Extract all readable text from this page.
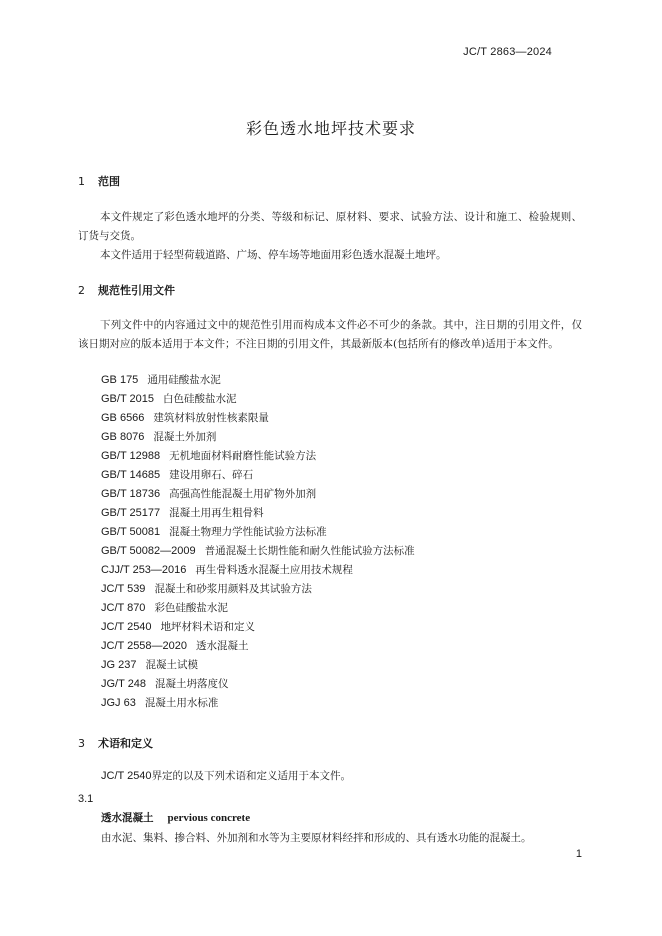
JC/T 2863—2024
彩色透水地坪技术要求
1 范围
本文件规定了彩色透水地坪的分类、等级和标记、原材料、要求、试验方法、设计和施工、检验规则、订货与交货。
本文件适用于轻型荷载道路、广场、停车场等地面用彩色透水混凝土地坪。
2 规范性引用文件
下列文件中的内容通过文中的规范性引用而构成本文件必不可少的条款。其中，注日期的引用文件，仅该日期对应的版本适用于本文件；不注日期的引用文件，其最新版本(包括所有的修改单)适用于本文件。
GB 175 通用硅酸盐水泥
GB/T 2015 白色硅酸盐水泥
GB 6566 建筑材料放射性核素限量
GB 8076 混凝土外加剂
GB/T 12988 无机地面材料耐磨性能试验方法
GB/T 14685 建设用卵石、碎石
GB/T 18736 高强高性能混凝土用矿物外加剂
GB/T 25177 混凝土用再生粗骨料
GB/T 50081 混凝土物理力学性能试验方法标准
GB/T 50082—2009 普通混凝土长期性能和耐久性能试验方法标准
CJJ/T 253—2016 再生骨料透水混凝土应用技术规程
JC/T 539 混凝土和砂浆用颜料及其试验方法
JC/T 870 彩色硅酸盐水泥
JC/T 2540 地坪材料术语和定义
JC/T 2558—2020 透水混凝土
JG 237 混凝土试模
JG/T 248 混凝土坍落度仪
JGJ 63 混凝土用水标准
3 术语和定义
JC/T 2540界定的以及下列术语和定义适用于本文件。
3.1
透水混凝土 pervious concrete
由水泥、集料、掺合料、外加剂和水等为主要原材料经拌和形成的、具有透水功能的混凝土。
1
